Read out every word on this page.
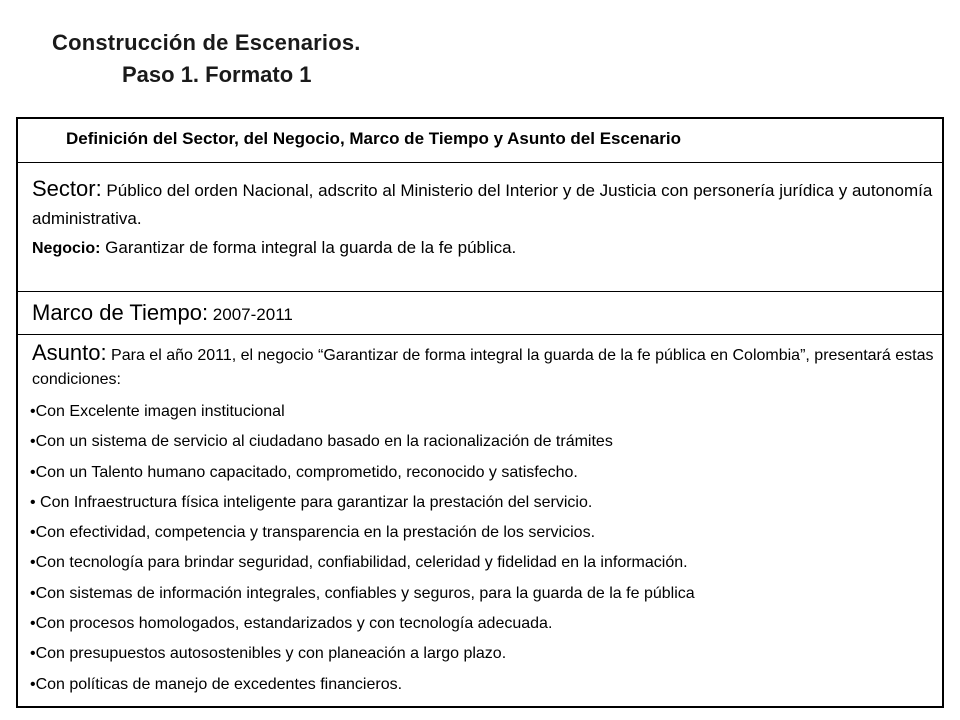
Construcción de Escenarios.
Paso 1. Formato 1
Definición del Sector, del Negocio, Marco de Tiempo y Asunto del Escenario
Sector: Público del orden Nacional, adscrito al Ministerio del Interior y de Justicia con personería jurídica y autonomía administrativa.
Negocio: Garantizar de forma integral la guarda de la fe pública.
Marco de Tiempo: 2007-2011
Asunto: Para el año 2011, el negocio “Garantizar de forma integral la guarda de la fe pública en Colombia”, presentará estas condiciones:
•Con Excelente imagen institucional
•Con un sistema de servicio al ciudadano basado en la racionalización de trámites
•Con un Talento humano capacitado, comprometido, reconocido y satisfecho.
• Con Infraestructura física inteligente para garantizar la prestación del servicio.
•Con efectividad, competencia y transparencia en la prestación de los servicios.
•Con tecnología para brindar seguridad, confiabilidad, celeridad y fidelidad en la información.
•Con sistemas de información integrales, confiables y seguros, para la guarda de la fe pública
•Con procesos homologados, estandarizados y con tecnología adecuada.
•Con presupuestos autosostenibles y con planeación a largo plazo.
•Con políticas de manejo de excedentes financieros.
